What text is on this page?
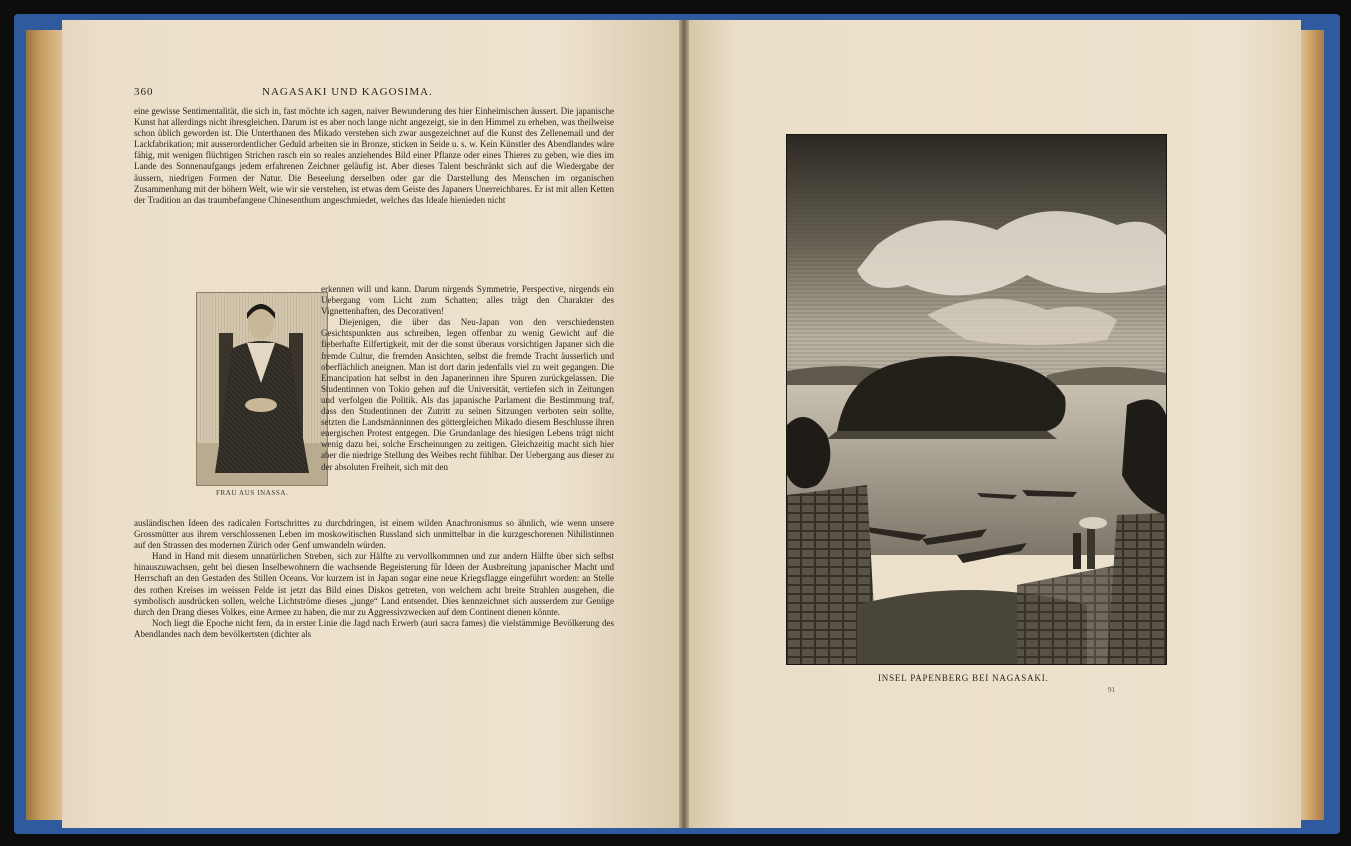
360	NAGASAKI UND KAGOSIMA.

eine gewisse Sentimentalität, die sich in, fast möchte ich sagen, naiver Bewunderung des hier Einheimischen äussert. Die japanische Kunst hat allerdings nicht ihresgleichen. Darum ist es aber noch lange nicht angezeigt, sie in den Himmel zu erheben, was theilweise schon üblich geworden ist. Die Unterthanen des Mikado verstehen sich zwar ausgezeichnet auf die Kunst des Zellenemail und der Lackfabrikation; mit ausserordentlicher Geduld arbeiten sie in Bronze, sticken in Seide u. s. w. Kein Künstler des Abendlandes wäre fähig, mit wenigen flüchtigen Strichen rasch ein so reales anziehendes Bild einer Pflanze oder eines Thieres zu geben, wie dies im Lande des Sonnenaufgangs jedem erfahrenen Zeichner geläufig ist. Aber dieses Talent beschränkt sich auf die Wiedergabe der äussern, niedrigen Formen der Natur. Die Beseelung derselben oder gar die Darstellung des Menschen im organischen Zusammenhang mit der höhern Welt, wie wir sie verstehen, ist etwas dem Geiste des Japaners Unerreichbares. Er ist mit allen Ketten der Tradition an das traumbefangene Chinesenthum angeschmiedet, welches das Ideale hienieden nicht

FRAU AUS INASSA.

erkennen will und kann. Darum nirgends Symmetrie, Perspective, nirgends ein Uebergang vom Licht zum Schatten; alles trägt den Charakter des Vignettenhaften, des Decorativen!

Diejenigen, die über das Neu-Japan von den verschiedensten Gesichtspunkten aus schreiben, legen offenbar zu wenig Gewicht auf die fieberhafte Eilfertigkeit, mit der die sonst überaus vorsichtigen Japaner sich die fremde Cultur, die fremden Ansichten, selbst die fremde Tracht äusserlich und oberflächlich aneignen. Man ist dort darin jedenfalls viel zu weit gegangen. Die Emancipation hat selbst in den Japanerinnen ihre Spuren zurückgelassen. Die Studentinnen von Tokio gehen auf die Universität, vertiefen sich in Zeitungen und verfolgen die Politik. Als das japanische Parlament die Bestimmung traf, dass den Studentinnen der Zutritt zu seinen Sitzungen verboten sein sollte, setzten die Landsmänninnen des göttergleichen Mikado diesem Beschlusse ihren energischen Protest entgegen. Die Grundanlage des hiesigen Lebens trägt nicht wenig dazu bei, solche Erscheinungen zu zeitigen. Gleichzeitig macht sich hier aber die niedrige Stellung des Weibes recht fühlbar. Der Uebergang aus dieser zu der absoluten Freiheit, sich mit den

ausländischen Ideen des radicalen Fortschrittes zu durchdringen, ist einem wilden Anachronismus so ähnlich, wie wenn unsere Grossmütter aus ihrem verschlossenen Leben im moskowitischen Russland sich unmittelbar in die kurzgeschorenen Nihilistinnen auf den Strassen des modernen Zürich oder Genf umwandeln würden.

Hand in Hand mit diesem unnatürlichen Streben, sich zur Hälfte zu vervollkommnen und zur andern Hälfte über sich selbst hinauszuwachsen, geht bei diesen Inselbewohnern die wachsende Begeisterung für Ideen der Ausbreitung japanischer Macht und Herrschaft an den Gestaden des Stillen Oceans. Vor kurzem ist in Japan sogar eine neue Kriegsflagge eingeführt worden: an Stelle des rothen Kreises im weissen Felde ist jetzt das Bild eines Diskos getreten, von welchem acht breite Strahlen ausgehen, die symbolisch ausdrücken sollen, welche Lichtströme dieses „junge“ Land entsendet. Dies kennzeichnet sich ausserdem zur Genüge durch den Drang dieses Volkes, eine Armee zu haben, die nur zu Aggressivzwecken auf dem Continent dienen könnte.

Noch liegt die Epoche nicht fern, da in erster Linie die Jagd nach Erwerb (auri sacra fames) die vielstämmige Bevölkerung des Abendlandes nach dem bevölkertsten (dichter als

INSEL PAPENBERG BEI NAGASAKI.
91
